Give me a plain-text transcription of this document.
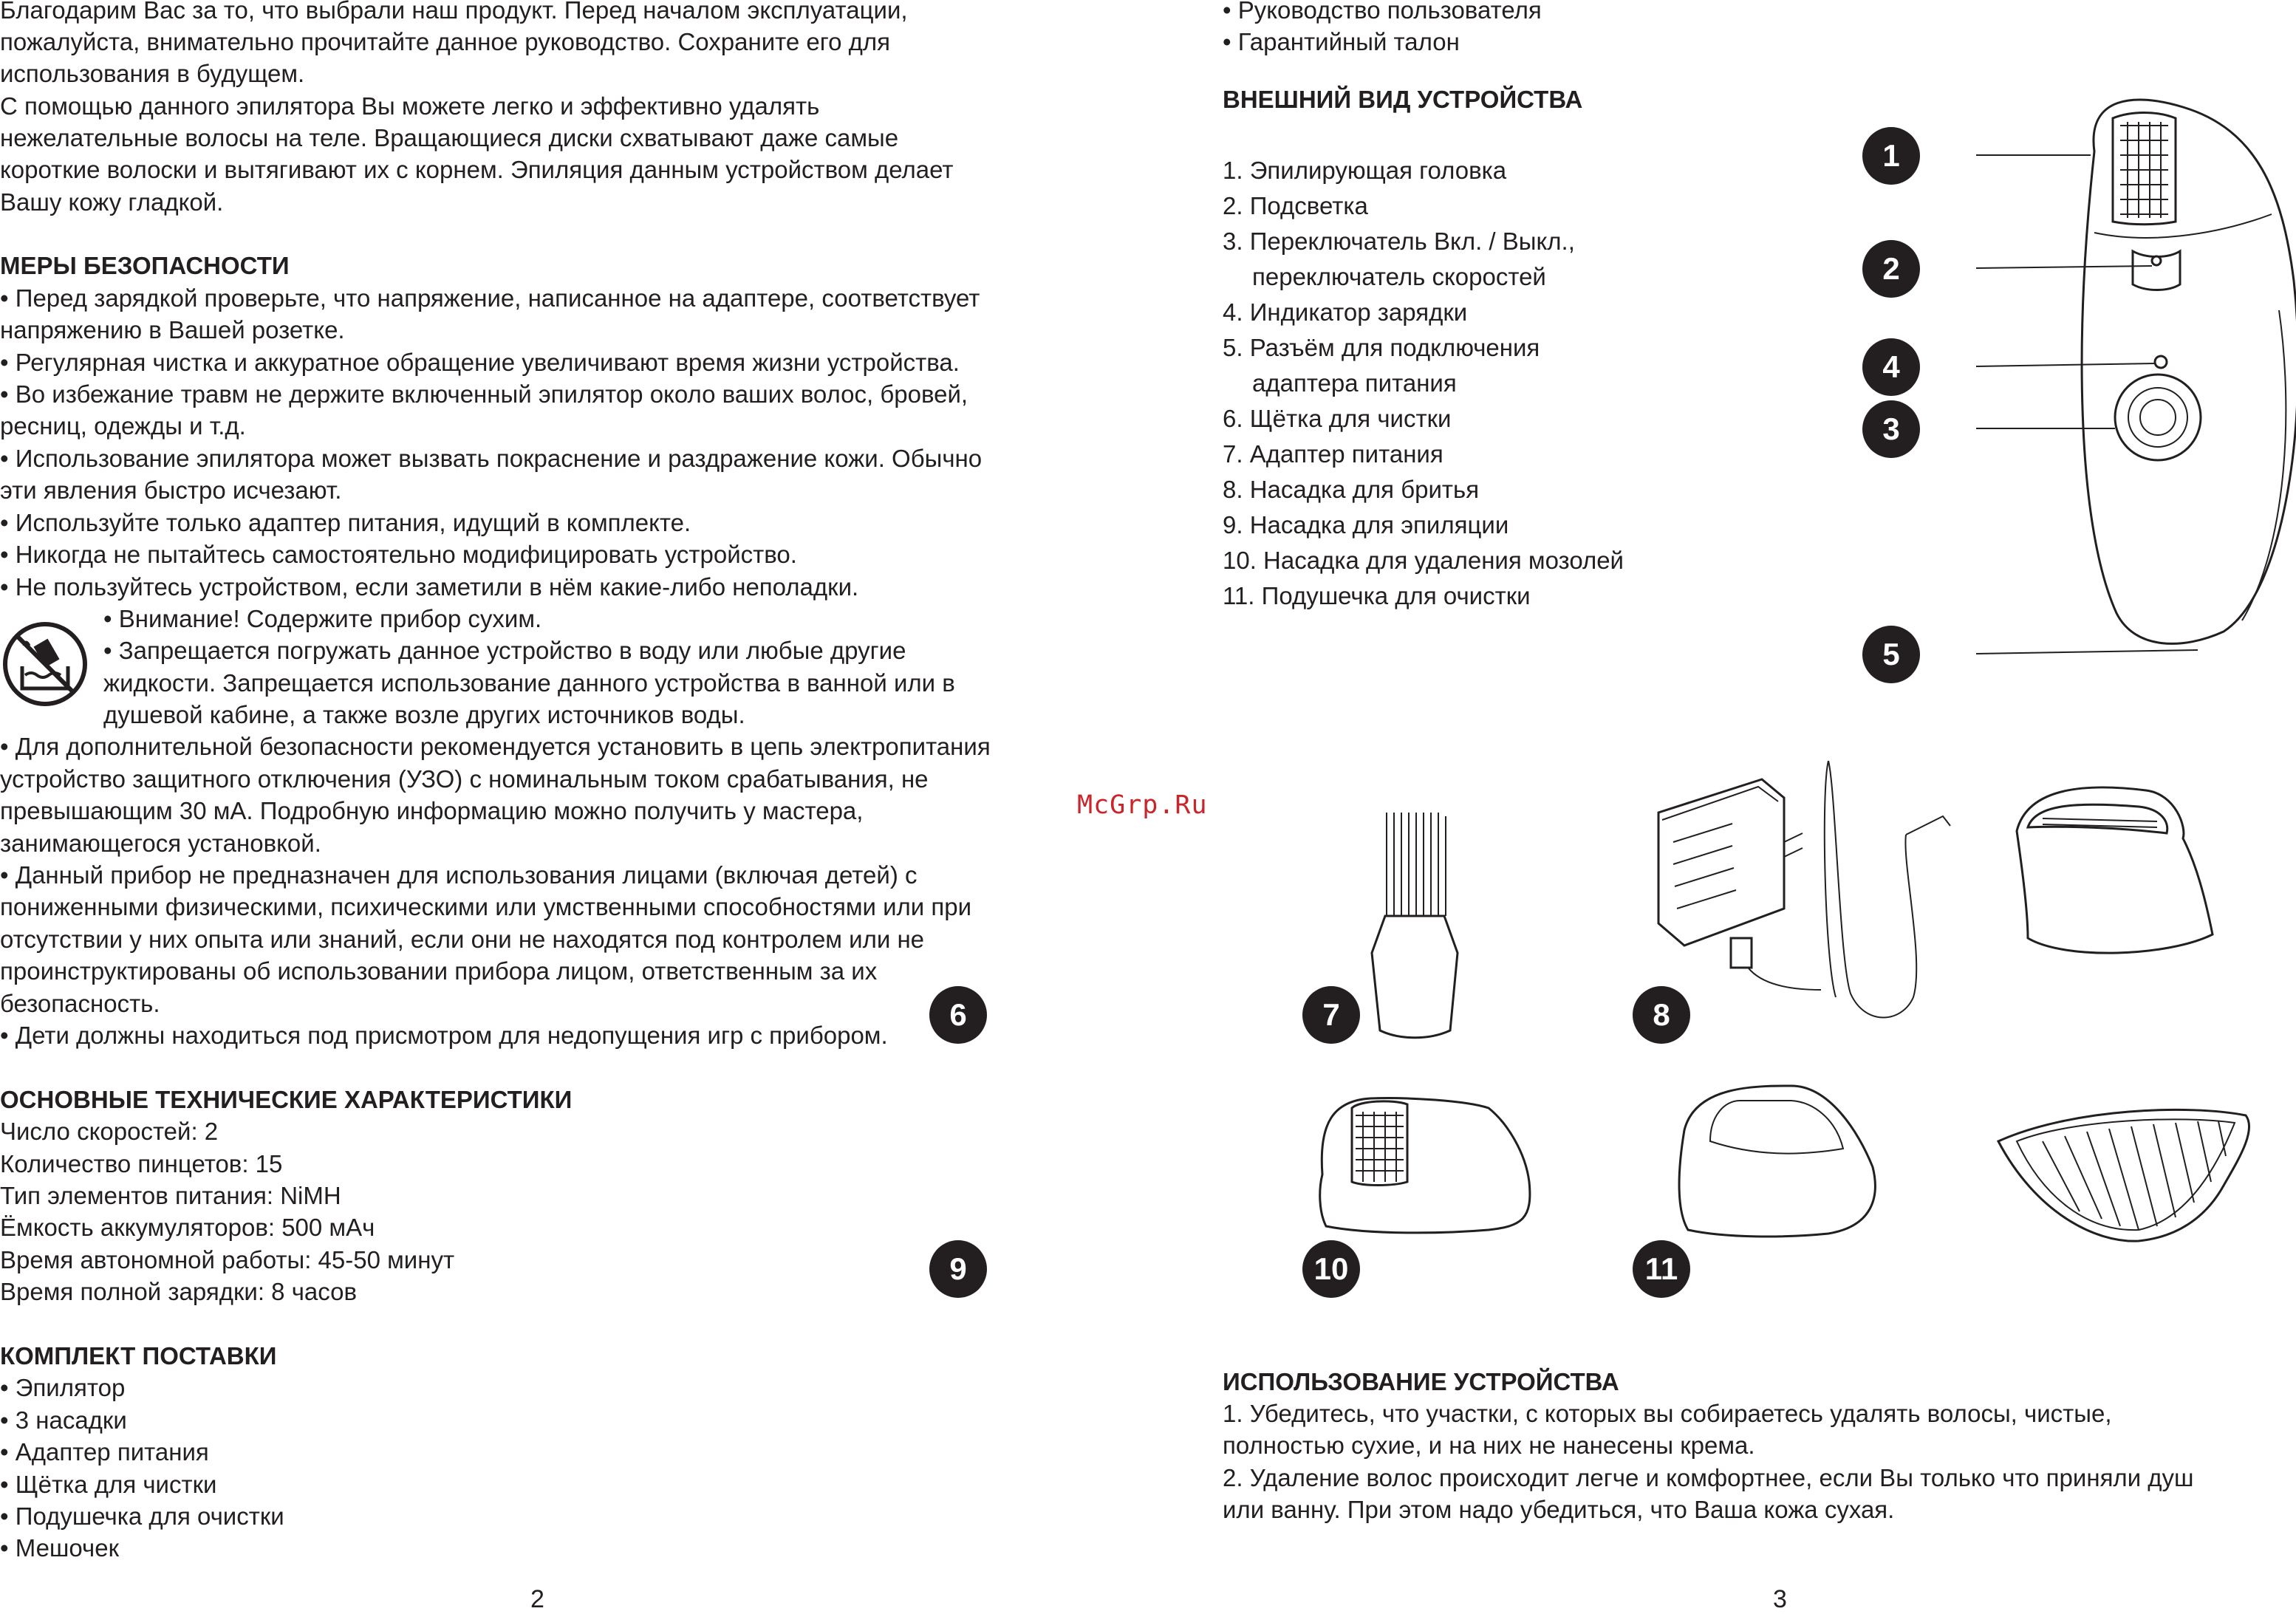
Благодарим Вас за то, что выбрали наш продукт. Перед началом эксплуатации,

пожалуйста, внимательно прочитайте данное руководство. Сохраните его для

использования в будущем.

С помощью данного эпилятора Вы можете легко и эффективно удалять

нежелательные волосы на теле. Вращающиеся диски схватывают даже самые

короткие волоски и вытягивают их с корнем. Эпиляция данным устройством делает

Вашу кожу гладкой.

МЕРЫ БЕЗОПАСНОСТИ

• Перед зарядкой проверьте, что напряжение, написанное на адаптере, соответствует

напряжению в Вашей розетке.

• Регулярная чистка и аккуратное обращение увеличивают время жизни устройства.

• Во избежание травм не держите включенный эпилятор около ваших волос, бровей,

ресниц, одежды и т.д.

• Использование эпилятора может вызвать покраснение и раздражение кожи. Обычно

эти явления быстро исчезают.

• Используйте только адаптер питания, идущий в комплекте.

• Никогда не пытайтесь самостоятельно модифицировать устройство.

• Не пользуйтесь устройством, если заметили в нём какие-либо неполадки.

• Внимание! Содержите прибор сухим.

• Запрещается погружать данное устройство в воду или любые другие

жидкости. Запрещается использование данного устройства в ванной или в

душевой кабине, а также возле других источников воды.

• Для дополнительной безопасности рекомендуется установить в цепь электропитания

устройство защитного отключения (УЗО) с номинальным током срабатывания, не

превышающим 30 мА. Подробную информацию можно получить у мастера,

занимающегося установкой.

• Данный прибор не предназначен для использования лицами (включая детей) с

пониженными физическими, психическими или умственными способностями или при

отсутствии у них опыта или знаний, если они не находятся под контролем или не

проинструктированы об использовании прибора лицом, ответственным за их

безопасность.

• Дети должны находиться под присмотром для недопущения игр с прибором.

ОСНОВНЫЕ ТЕХНИЧЕСКИЕ ХАРАКТЕРИСТИКИ

Число скоростей: 2

Количество пинцетов: 15

Тип элементов питания: NiMH

Ёмкость аккумуляторов: 500 мАч

Время автономной работы: 45-50 минут

Время полной зарядки: 8 часов

КОМПЛЕКТ ПОСТАВКИ

• Эпилятор

• 3 насадки

• Адаптер питания

• Щётка для чистки

• Подушечка для очистки

• Мешочек

2
McGrp.Ru

• Руководство пользователя

• Гарантийный талон

ВНЕШНИЙ ВИД УСТРОЙСТВА

1. Эпилирующая головка

2. Подсветка

3. Переключатель Вкл. / Выкл.,

переключатель скоростей

4. Индикатор зарядки

5. Разъём для подключения

адаптера питания

6. Щётка для чистки

7. Адаптер питания

8. Насадка для бритья

9. Насадка для эпиляции

10. Насадка для удаления мозолей

11. Подушечка для очистки

1
2
4
3
5
6	7	8
9	10	11

ИСПОЛЬЗОВАНИЕ УСТРОЙСТВА

1. Убедитесь, что участки, с которых вы собираетесь удалять волосы, чистые,

полностью сухие, и на них не нанесены крема.

2. Удаление волос происходит легче и комфортнее, если Вы только что приняли душ

или ванну. При этом надо убедиться, что Ваша кожа сухая.

3
